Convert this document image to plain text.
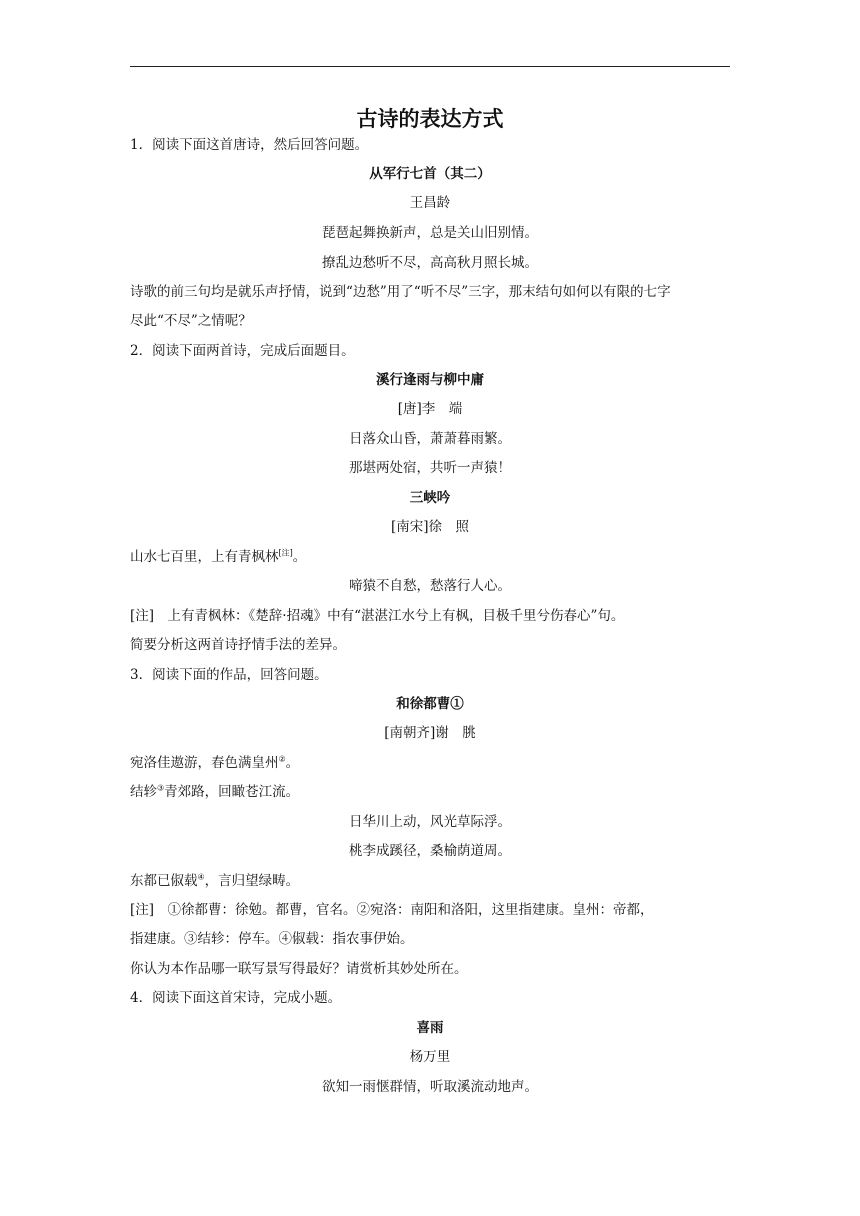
古诗的表达方式
1．阅读下面这首唐诗，然后回答问题。
从军行七首（其二）
王昌龄
琵琶起舞换新声，总是关山旧别情。
撩乱边愁听不尽，高高秋月照长城。
诗歌的前三句均是就乐声抒情，说到“边愁”用了“听不尽”三字，那末结句如何以有限的七字
尽此“不尽”之情呢？
2．阅读下面两首诗，完成后面题目。
溪行逢雨与柳中庸
[唐]李　端
日落众山昏，萧萧暮雨繁。
那堪两处宿，共听一声猿！
三峡吟
[南宋]徐　照
山水七百里，上有青枫林[注]。
啼猿不自愁，愁落行人心。
[注]　上有青枫林：《楚辞·招魂》中有“湛湛江水兮上有枫，目极千里兮伤春心”句。
简要分析这两首诗抒情手法的差异。
3．阅读下面的作品，回答问题。
和徐都曹①
[南朝齐]谢　朓
宛洛佳遨游，春色满皇州②。
结轸③青郊路，回瞰苍江流。
日华川上动，风光草际浮。
桃李成蹊径，桑榆荫道周。
东都已俶载④，言归望绿畴。
[注]　①徐都曹：徐勉。都曹，官名。②宛洛：南阳和洛阳，这里指建康。皇州：帝都，
指建康。③结轸：停车。④俶载：指农事伊始。
你认为本作品哪一联写景写得最好？请赏析其妙处所在。
4．阅读下面这首宋诗，完成小题。
喜雨
杨万里
欲知一雨惬群情，听取溪流动地声。
